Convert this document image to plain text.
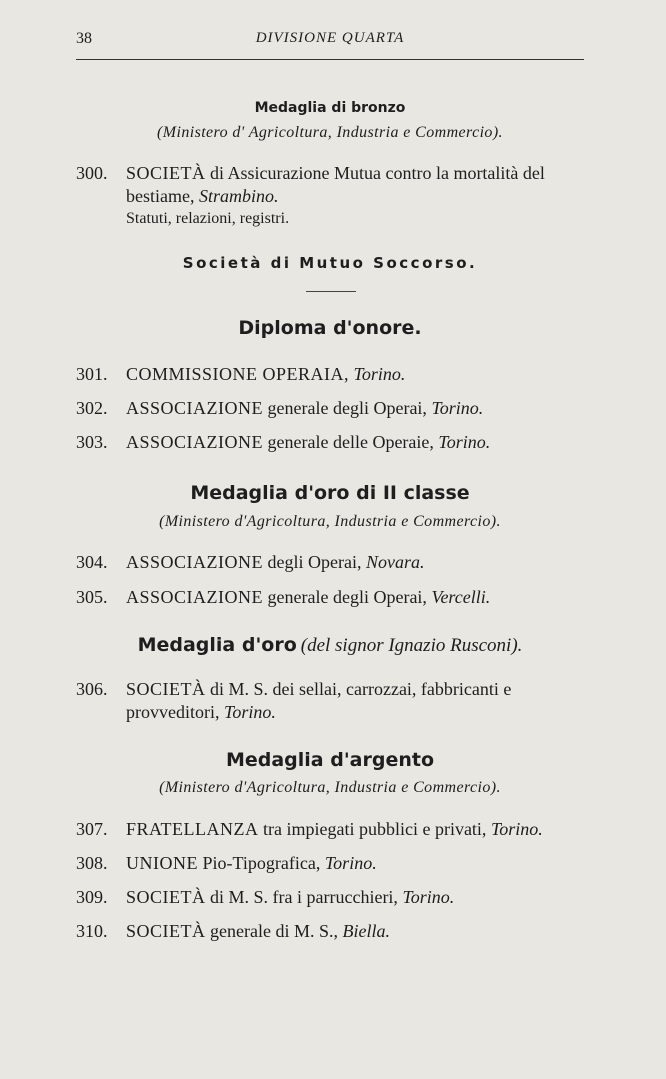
38	DIVISIONE QUARTA
Medaglia di bronzo
(Ministero d' Agricoltura, Industria e Commercio).
300. SOCIETÀ di Assicurazione Mutua contro la mortalità del
bestiame, Strambino.
Statuti, relazioni, registri.
Società di Mutuo Soccorso.
Diploma d'onore.
301. COMMISSIONE OPERAIA, Torino.
302. ASSOCIAZIONE generale degli Operai, Torino.
303. ASSOCIAZIONE generale delle Operaie, Torino.
Medaglia d'oro di II classe
(Ministero d'Agricoltura, Industria e Commercio).
304. ASSOCIAZIONE degli Operai, Novara.
305. ASSOCIAZIONE generale degli Operai, Vercelli.
Medaglia d'oro (del signor Ignazio Rusconi).
306. SOCIETÀ di M. S. dei sellai, carrozzai, fabbricanti e
provveditori, Torino.
Medaglia d'argento
(Ministero d'Agricoltura, Industria e Commercio).
307. FRATELLANZA tra impiegati pubblici e privati, Torino.
308. UNIONE Pio-Tipografica, Torino.
309. SOCIETÀ di M. S. fra i parrucchieri, Torino.
310. SOCIETÀ generale di M. S., Biella.
